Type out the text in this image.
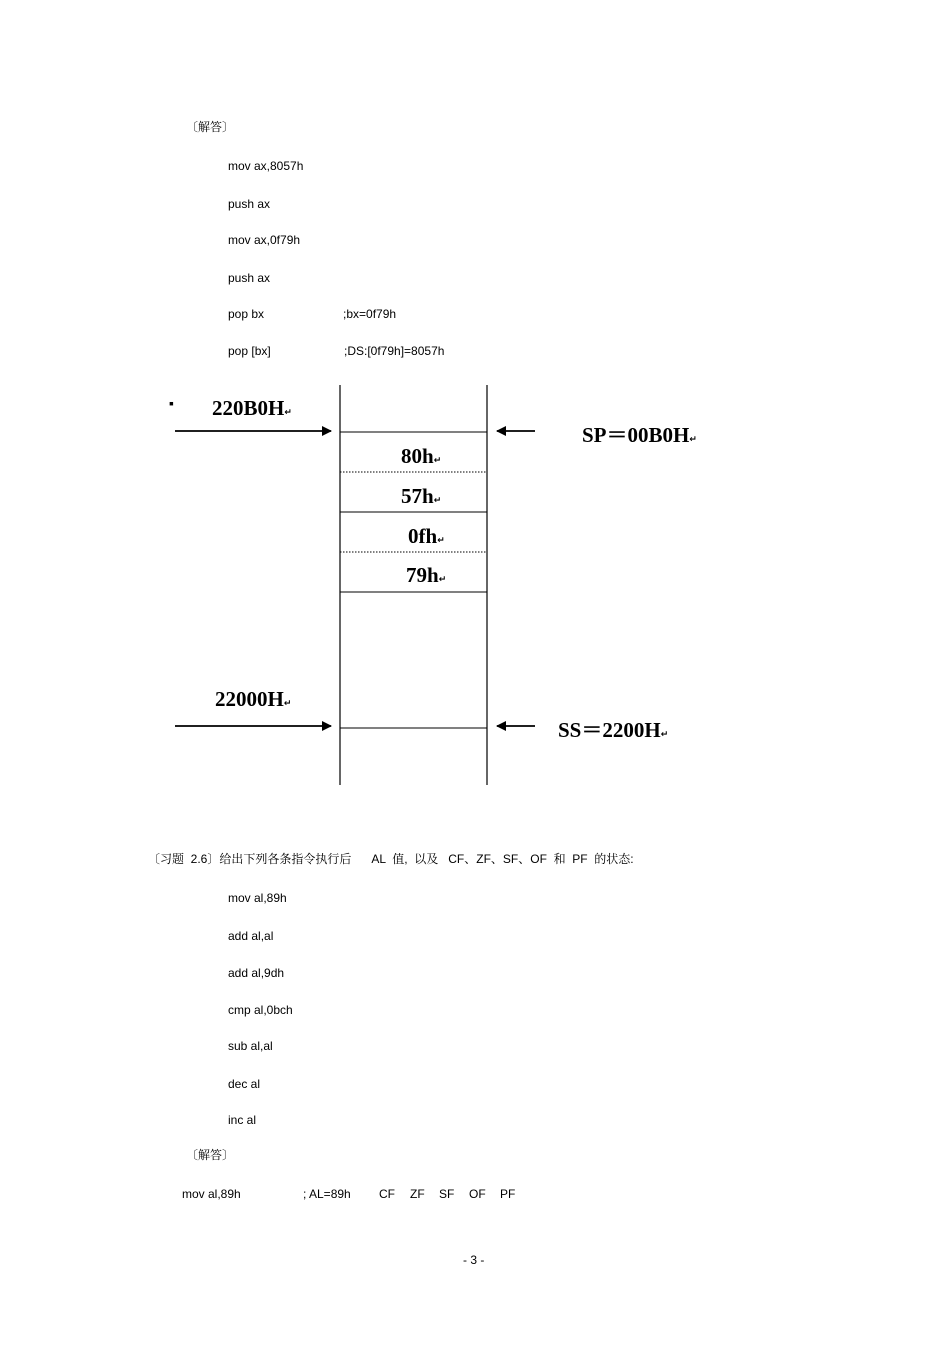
〔解答〕
mov ax,8057h
push ax
mov ax,0f79h
push ax
pop bx	;bx=0f79h
pop [bx]	;DS:[0f79h]=8057h
▪ 220B0H↵
SP＝00B0H↵
80h↵
57h↵
0fh↵
79h↵
22000H↵
SS＝2200H↵
〔习题  2.6〕给出下列各条指令执行后      AL  值,  以及   CF、ZF、SF、OF  和  PF  的状态:
mov al,89h
add al,al
add al,9dh
cmp al,0bch
sub al,al
dec al
inc al
〔解答〕
mov al,89h	; AL=89h CF ZF SF OF PF
- 3 -
